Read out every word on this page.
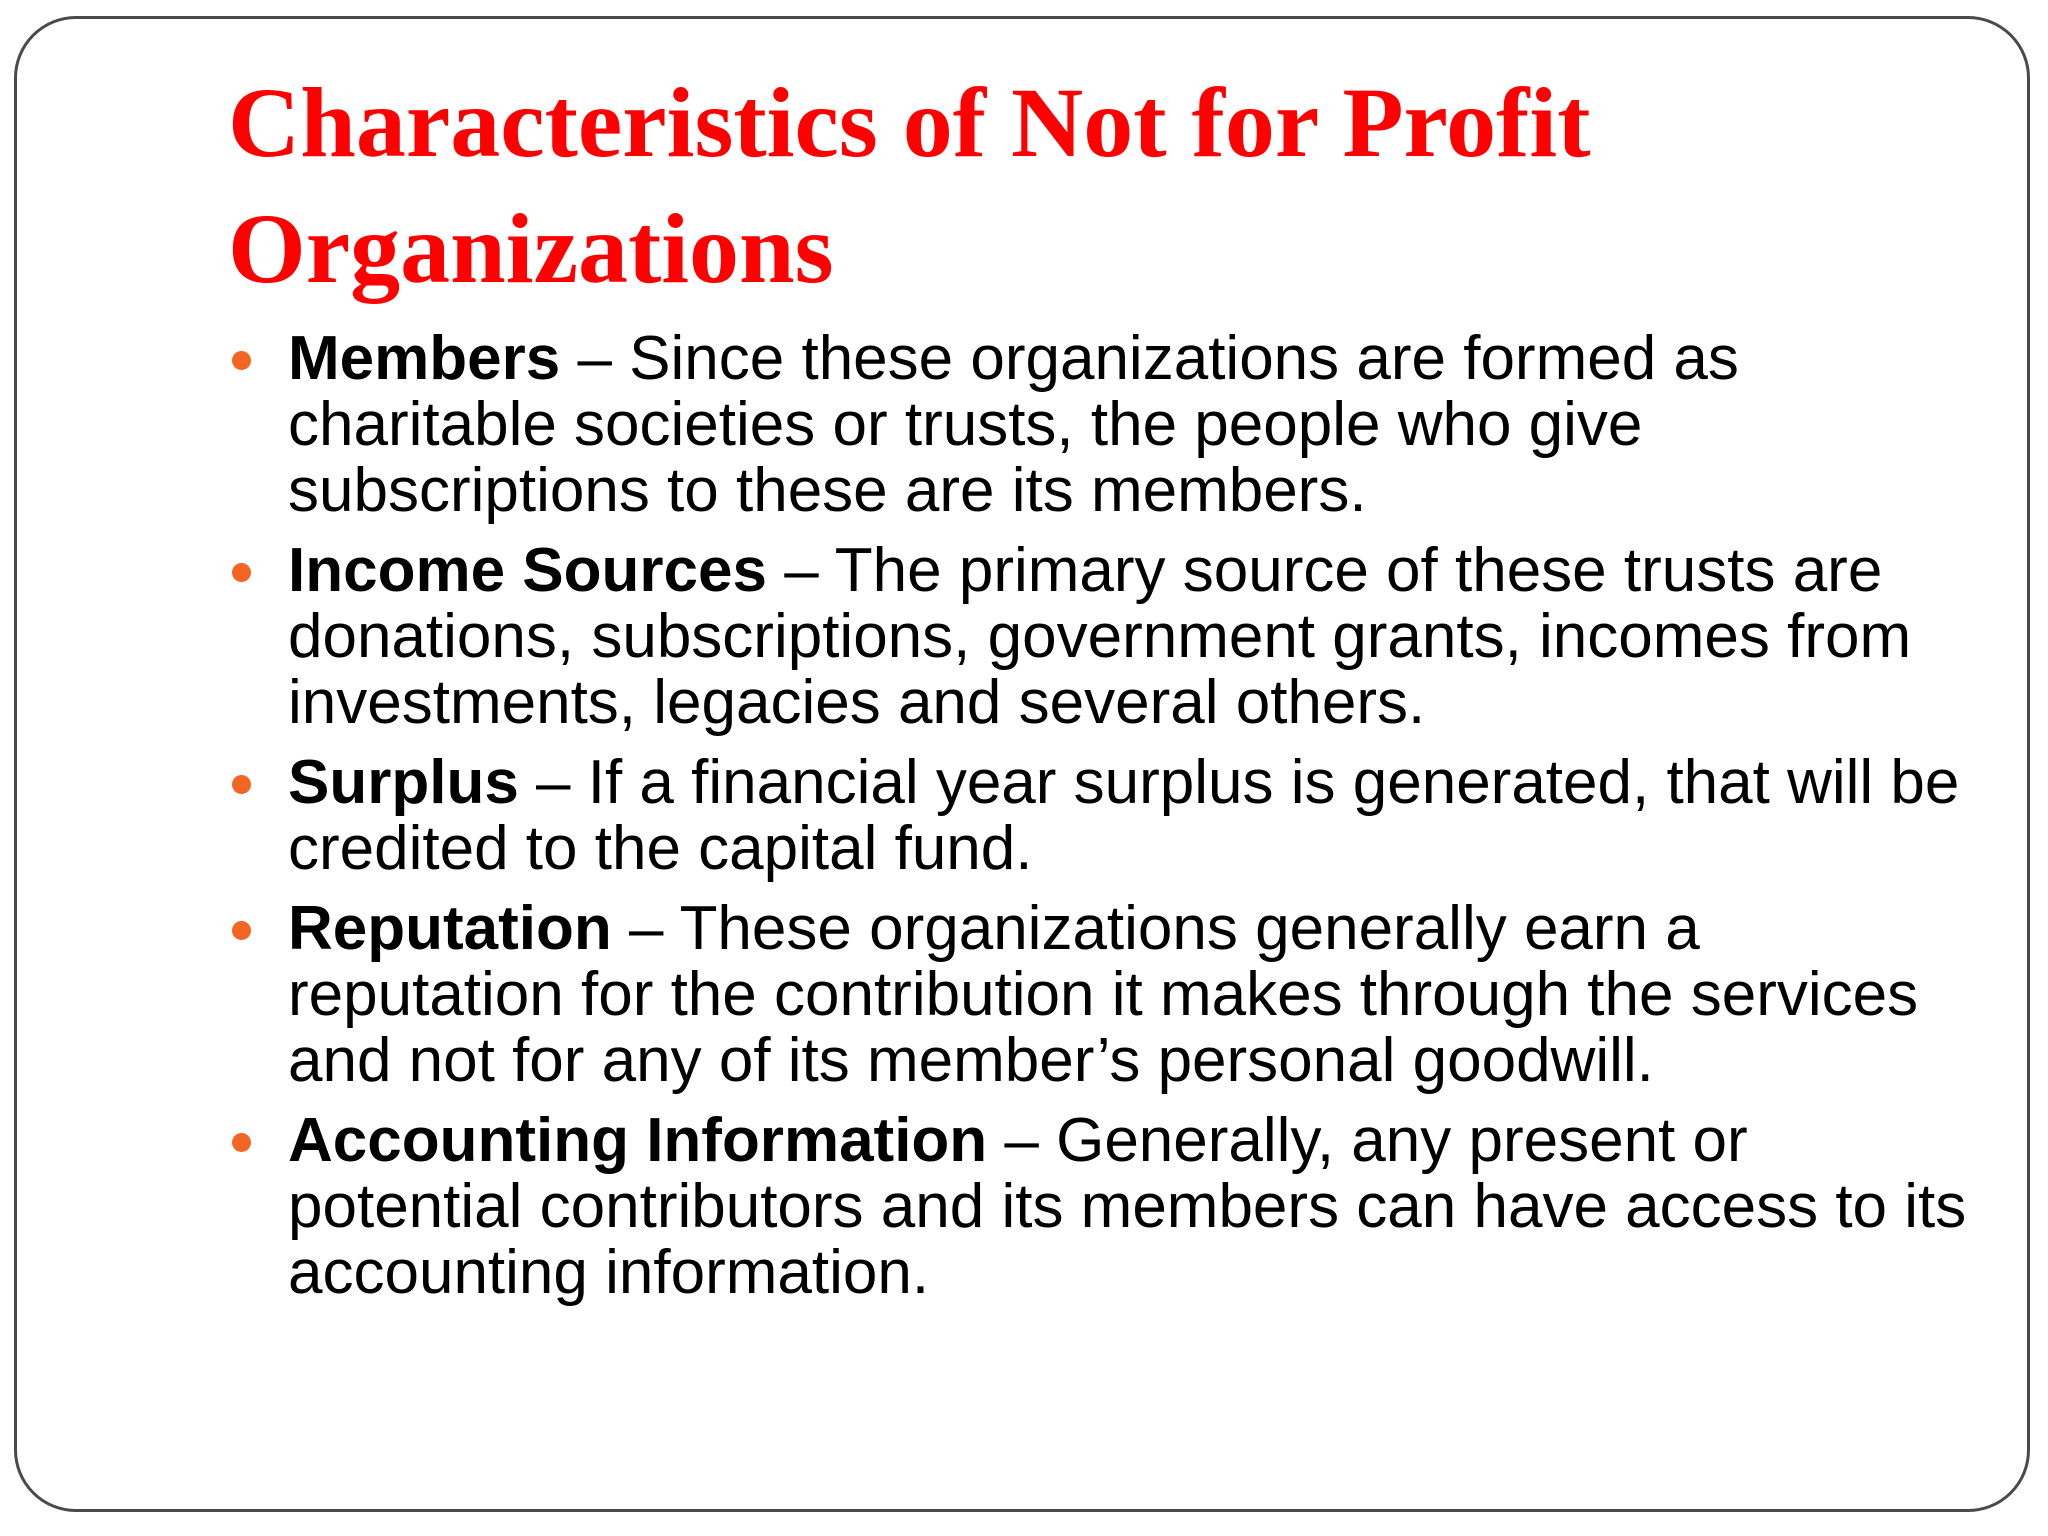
Characteristics of Not for Profit Organizations
Members – Since these organizations are formed as charitable societies or trusts, the people who give subscriptions to these are its members.
Income Sources – The primary source of these trusts are donations, subscriptions, government grants, incomes from investments, legacies and several others.
Surplus – If a financial year surplus is generated, that will be credited to the capital fund.
Reputation – These organizations generally earn a reputation for the contribution it makes through the services and not for any of its member’s personal goodwill.
Accounting Information – Generally, any present or potential contributors and its members can have access to its accounting information.
